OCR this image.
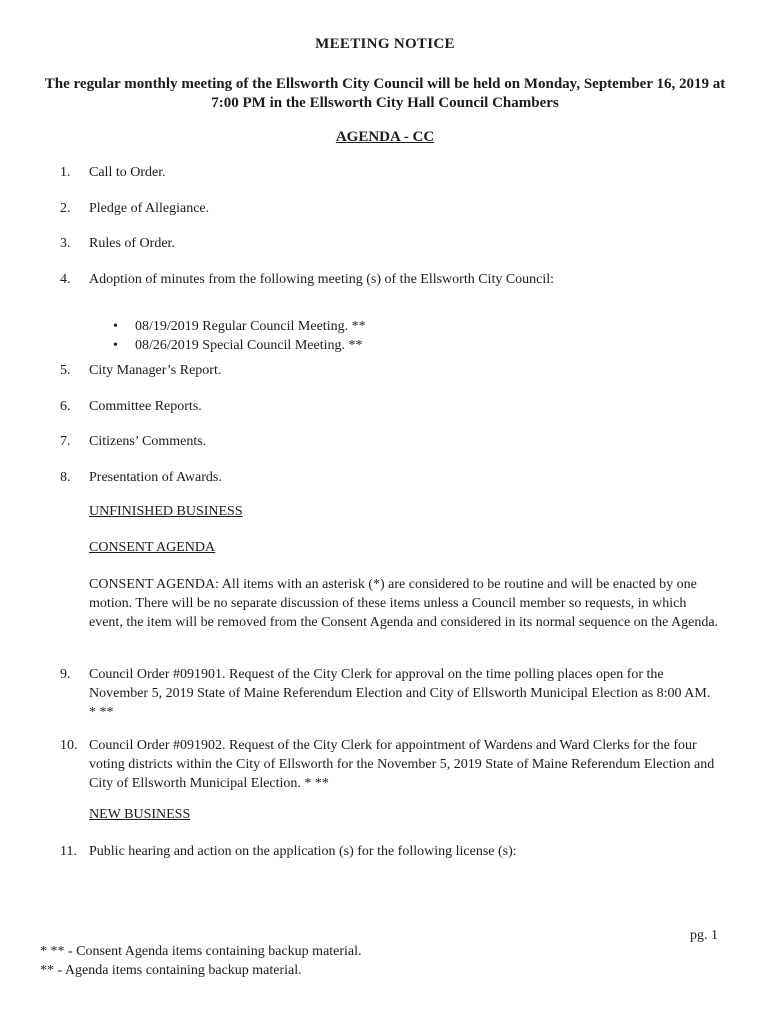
MEETING NOTICE
The regular monthly meeting of the Ellsworth City Council will be held on Monday, September 16, 2019 at 7:00 PM in the Ellsworth City Hall Council Chambers
AGENDA - CC
1. Call to Order.
2. Pledge of Allegiance.
3. Rules of Order.
4. Adoption of minutes from the following meeting (s) of the Ellsworth City Council:
• 08/19/2019 Regular Council Meeting. **
• 08/26/2019 Special Council Meeting. **
5. City Manager’s Report.
6. Committee Reports.
7. Citizens’ Comments.
8. Presentation of Awards.
UNFINISHED BUSINESS
CONSENT AGENDA
CONSENT AGENDA: All items with an asterisk (*) are considered to be routine and will be enacted by one motion. There will be no separate discussion of these items unless a Council member so requests, in which event, the item will be removed from the Consent Agenda and considered in its normal sequence on the Agenda.
9.	Council Order #091901. Request of the City Clerk for approval on the time polling places open for the November 5, 2019 State of Maine Referendum Election and City of Ellsworth Municipal Election as 8:00 AM. * **
10. Council Order #091902. Request of the City Clerk for appointment of Wardens and Ward Clerks for the four voting districts within the City of Ellsworth for the November 5, 2019 State of Maine Referendum Election and City of Ellsworth Municipal Election. * **
NEW BUSINESS
11. Public hearing and action on the application (s) for the following license (s):
pg. 1
* ** - Consent Agenda items containing backup material.
** - Agenda items containing backup material.
